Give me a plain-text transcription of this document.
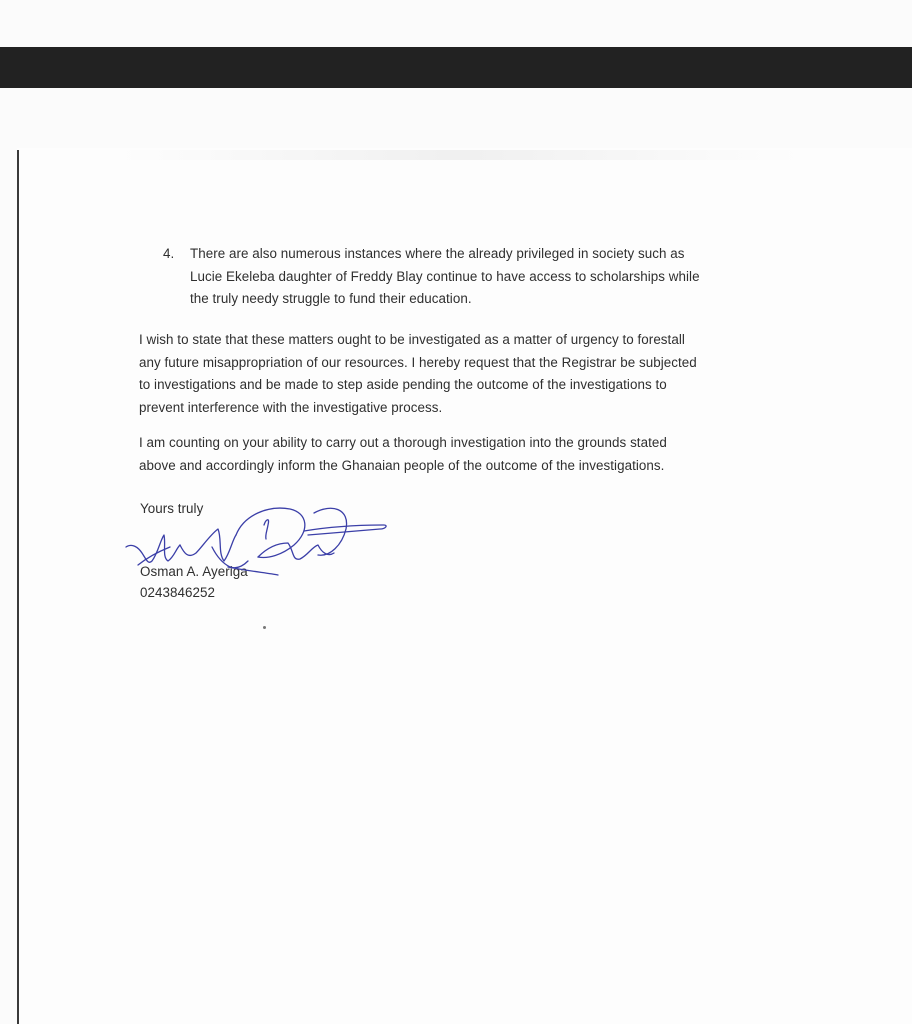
4. There are also numerous instances where the already privileged in society such as
Lucie Ekeleba daughter of Freddy Blay continue to have access to scholarships while
the truly needy struggle to fund their education.
I wish to state that these matters ought to be investigated as a matter of urgency to forestall
any future misappropriation of our resources. I hereby request that the Registrar be subjected
to investigations and be made to step aside pending the outcome of the investigations to
prevent interference with the investigative process.
I am counting on your ability to carry out a thorough investigation into the grounds stated
above and accordingly inform the Ghanaian people of the outcome of the investigations.
Yours truly
Osman A. Ayeriga
0243846252
